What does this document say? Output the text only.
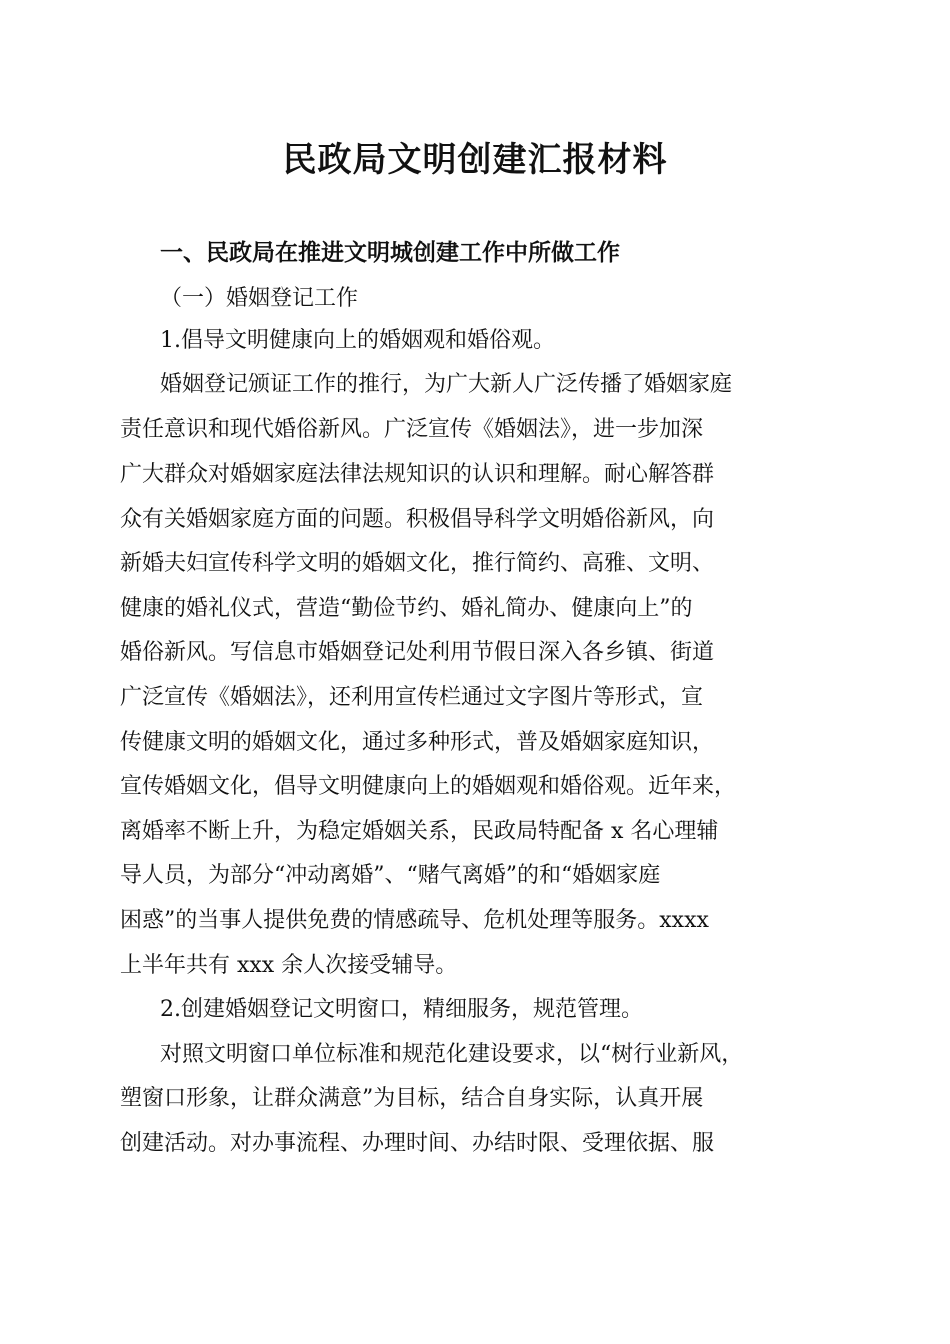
民政局文明创建汇报材料
一、民政局在推进文明城创建工作中所做工作
（一）婚姻登记工作
1.倡导文明健康向上的婚姻观和婚俗观。
婚姻登记颁证工作的推行，为广大新人广泛传播了婚姻家庭
责任意识和现代婚俗新风。广泛宣传《婚姻法》，进一步加深
广大群众对婚姻家庭法律法规知识的认识和理解。耐心解答群
众有关婚姻家庭方面的问题。积极倡导科学文明婚俗新风，向
新婚夫妇宣传科学文明的婚姻文化，推行简约、高雅、文明、
健康的婚礼仪式，营造“勤俭节约、婚礼简办、健康向上”的
婚俗新风。写信息市婚姻登记处利用节假日深入各乡镇、街道
广泛宣传《婚姻法》，还利用宣传栏通过文字图片等形式，宣
传健康文明的婚姻文化，通过多种形式，普及婚姻家庭知识，
宣传婚姻文化，倡导文明健康向上的婚姻观和婚俗观。近年来，
离婚率不断上升，为稳定婚姻关系，民政局特配备 x 名心理辅
导人员，为部分“冲动离婚”、“赌气离婚”的和“婚姻家庭
困惑”的当事人提供免费的情感疏导、危机处理等服务。xxxx
上半年共有 xxx 余人次接受辅导。
2.创建婚姻登记文明窗口，精细服务，规范管理。
对照文明窗口单位标准和规范化建设要求，以“树行业新风，
塑窗口形象，让群众满意”为目标，结合自身实际，认真开展
创建活动。对办事流程、办理时间、办结时限、受理依据、服
